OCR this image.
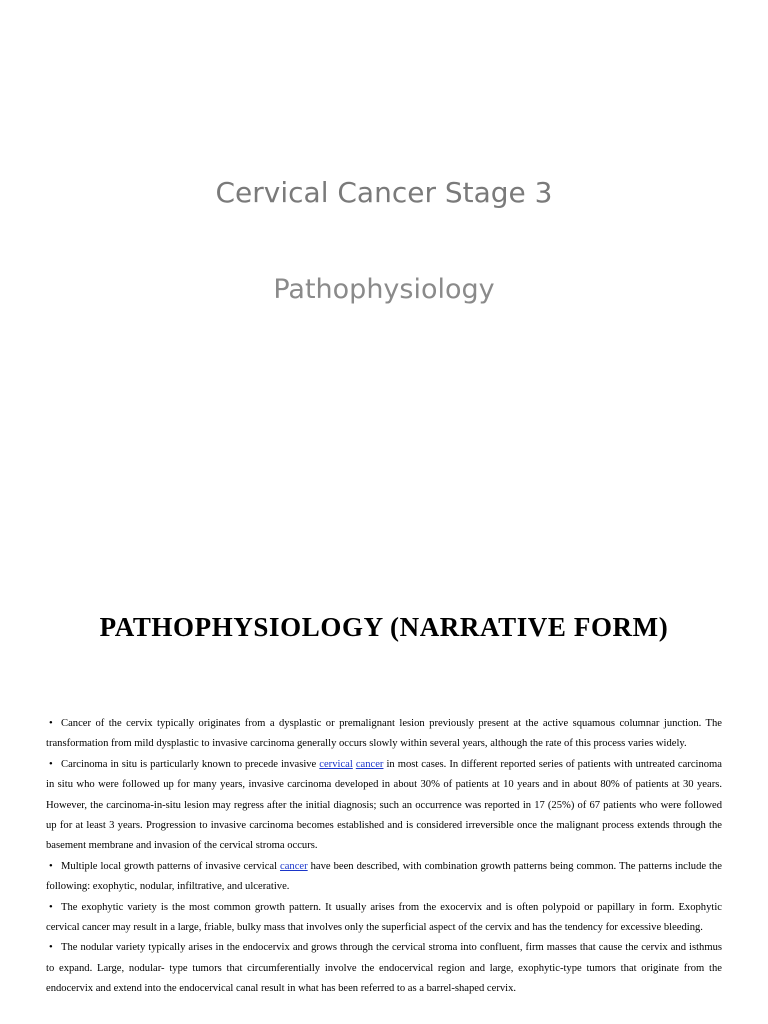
Cervical Cancer Stage 3
Pathophysiology
PATHOPHYSIOLOGY (NARRATIVE FORM)

• Cancer of the cervix typically originates from a dysplastic or premalignant lesion previously present at the active squamous columnar junction. The transformation from mild dysplastic to invasive carcinoma generally occurs slowly within several years, although the rate of this process varies widely.

• Carcinoma in situ is particularly known to precede invasive cervical cancer in most cases. In different reported series of patients with untreated carcinoma in situ who were followed up for many years, invasive carcinoma developed in about 30% of patients at 10 years and in about 80% of patients at 30 years. However, the carcinoma-in-situ lesion may regress after the initial diagnosis; such an occurrence was reported in 17 (25%) of 67 patients who were followed up for at least 3 years. Progression to invasive carcinoma becomes established and is considered irreversible once the malignant process extends through the basement membrane and invasion of the cervical stroma occurs.

• Multiple local growth patterns of invasive cervical cancer have been described, with combination growth patterns being common. The patterns include the following: exophytic, nodular, infiltrative, and ulcerative.

• The exophytic variety is the most common growth pattern. It usually arises from the exocervix and is often polypoid or papillary in form. Exophytic cervical cancer may result in a large, friable, bulky mass that involves only the superficial aspect of the cervix and has the tendency for excessive bleeding.

• The nodular variety typically arises in the endocervix and grows through the cervical stroma into confluent, firm masses that cause the cervix and isthmus to expand. Large, nodular- type tumors that circumferentially involve the endocervical region and large, exophytic-type tumors that originate from the endocervix and extend into the endocervical canal result in what has been referred to as a barrel-shaped cervix.
